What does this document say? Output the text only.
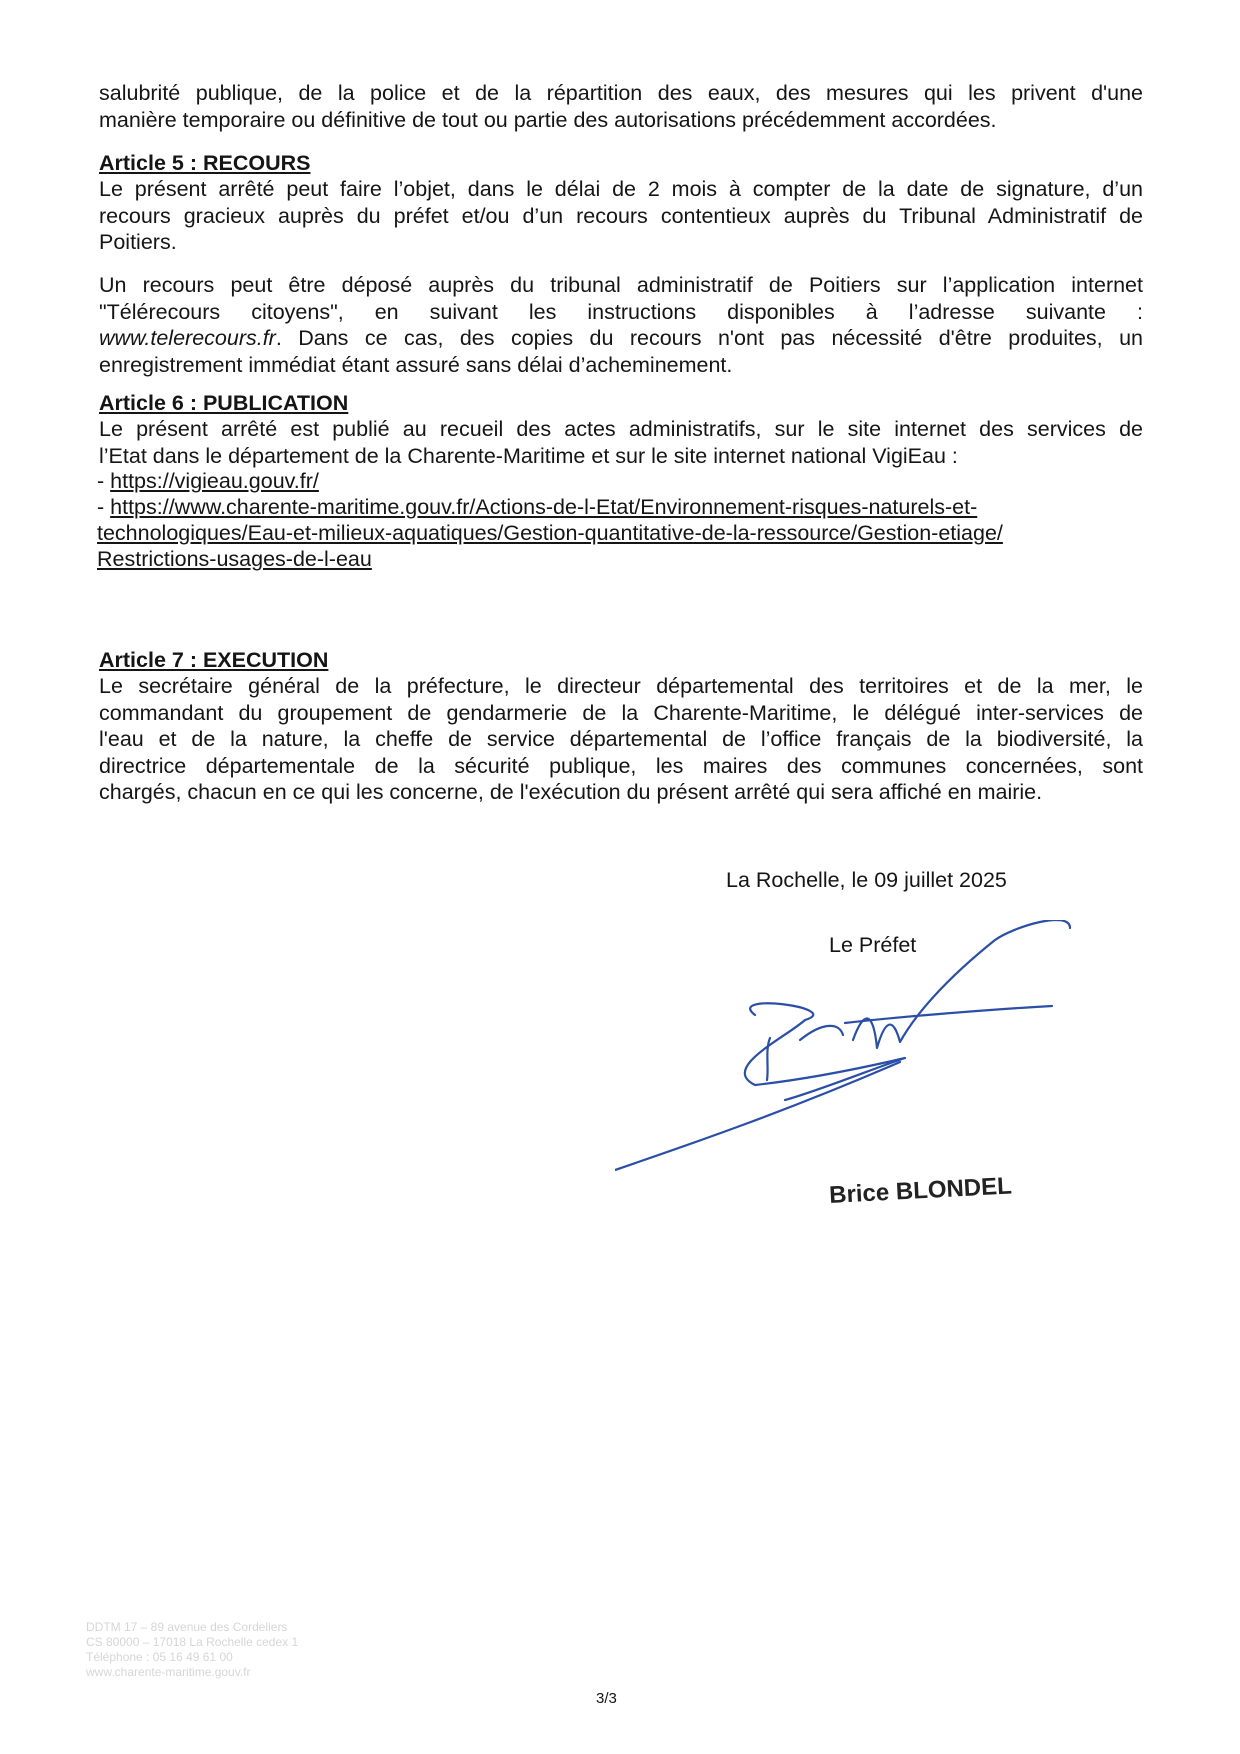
salubrité publique, de la police et de la répartition des eaux, des mesures qui les privent d'une
manière temporaire ou définitive de tout ou partie des autorisations précédemment accordées.
Article 5 : RECOURS
Le présent arrêté peut faire l’objet, dans le délai de 2 mois à compter de la date de signature, d’un
recours gracieux auprès du préfet et/ou d’un recours contentieux auprès du Tribunal Administratif de
Poitiers.
Un recours peut être déposé auprès du tribunal administratif de Poitiers sur l’application internet
"Télérecours citoyens", en suivant les instructions disponibles à l’adresse suivante :
www.telerecours.fr. Dans ce cas, des copies du recours n'ont pas nécessité d'être produites, un
enregistrement immédiat étant assuré sans délai d’acheminement.
Article 6 : PUBLICATION
Le présent arrêté est publié au recueil des actes administratifs, sur le site internet des services de
l’Etat dans le département de la Charente-Maritime et sur le site internet national VigiEau :
- https://vigieau.gouv.fr/
- https://www.charente-maritime.gouv.fr/Actions-de-l-Etat/Environnement-risques-naturels-et-
technologiques/Eau-et-milieux-aquatiques/Gestion-quantitative-de-la-ressource/Gestion-etiage/
Restrictions-usages-de-l-eau
Article 7 : EXECUTION
Le secrétaire général de la préfecture, le directeur départemental des territoires et de la mer, le
commandant du groupement de gendarmerie de la Charente-Maritime, le délégué inter-services de
l'eau et de la nature, la cheffe de service départemental de l’office français de la biodiversité, la
directrice départementale de la sécurité publique, les maires des communes concernées, sont
chargés, chacun en ce qui les concerne, de l'exécution du présent arrêté qui sera affiché en mairie.
La Rochelle, le 09 juillet 2025
Le Préfet
Brice BLONDEL
DDTM 17 – 89 avenue des Cordeliers
CS 80000 – 17018 La Rochelle cedex 1
Téléphone : 05 16 49 61 00
www.charente-maritime.gouv.fr
3/3
